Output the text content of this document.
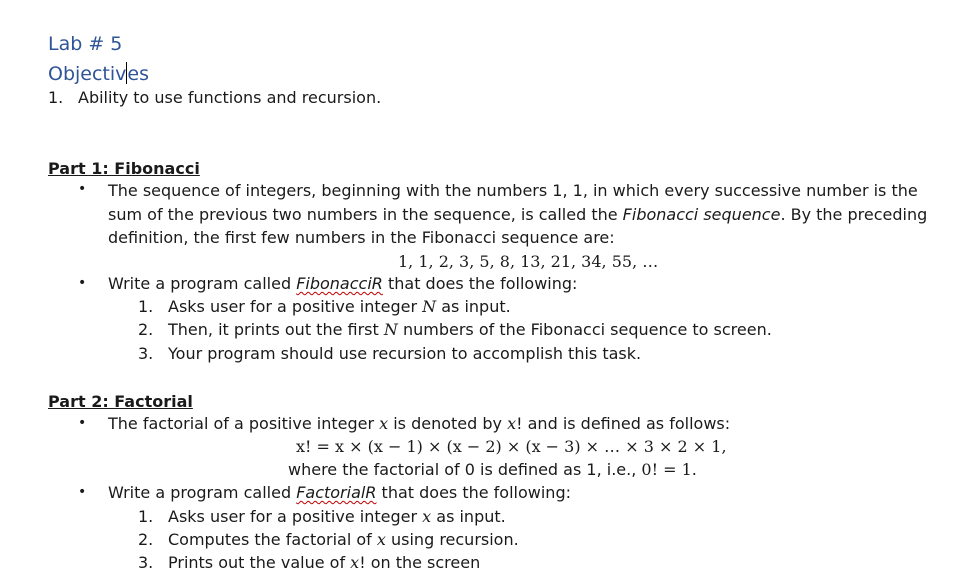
Lab # 5
Objectives
1. Ability to use functions and recursion.
Part 1: Fibonacci
• The sequence of integers, beginning with the numbers 1, 1, in which every successive number is the
sum of the previous two numbers in the sequence, is called the Fibonacci sequence. By the preceding
definition, the first few numbers in the Fibonacci sequence are:
1, 1, 2, 3, 5, 8, 13, 21, 34, 55, …
• Write a program called FibonacciR that does the following:
1. Asks user for a positive integer N as input.
2. Then, it prints out the first N numbers of the Fibonacci sequence to screen.
3. Your program should use recursion to accomplish this task.
Part 2: Factorial
• The factorial of a positive integer x is denoted by x! and is defined as follows:
x! = x × (x − 1) × (x − 2) × (x − 3) × … × 3 × 2 × 1,
where the factorial of 0 is defined as 1, i.e., 0! = 1.
• Write a program called FactorialR that does the following:
1. Asks user for a positive integer x as input.
2. Computes the factorial of x using recursion.
3. Prints out the value of x! on the screen
